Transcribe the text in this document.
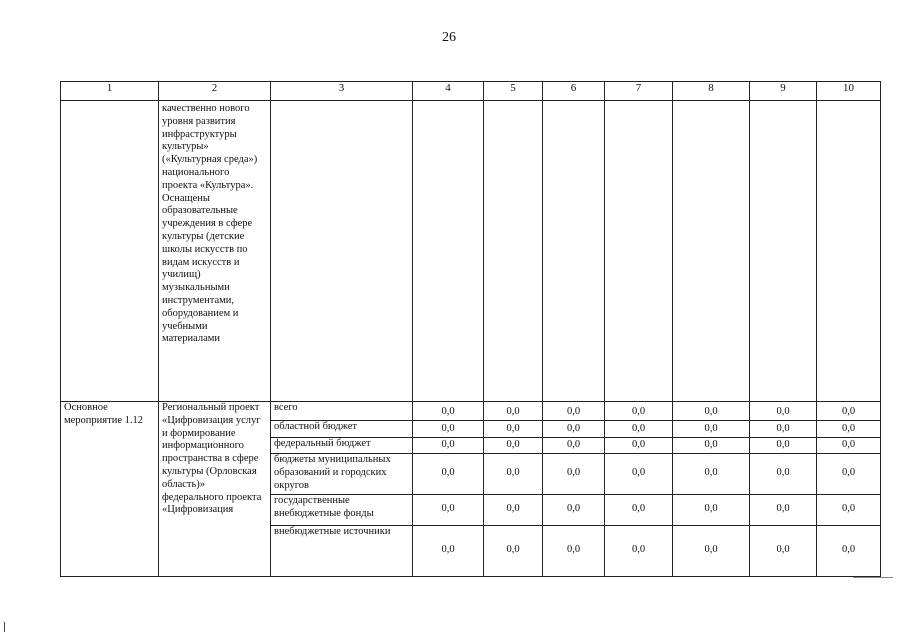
26
1	2	3	4	5	6	7	8	9	10
	качественно нового уровня развития инфраструктуры культуры» («Культурная среда») национального проекта «Культура». Оснащены образовательные учреждения в сфере культуры (детские школы искусств по видам искусств и училищ) музыкальными инструментами, оборудованием и учебными материалами								
Основное мероприятие 1.12	Региональный проект «Цифровизация услуг и формирование информационного пространства в сфере культуры (Орловская область)» федерального проекта «Цифровизация	всего	0,0	0,0	0,0	0,0	0,0	0,0	0,0
		областной бюджет	0,0	0,0	0,0	0,0	0,0	0,0	0,0
		федеральный бюджет	0,0	0,0	0,0	0,0	0,0	0,0	0,0
		бюджеты муниципальных образований и городских округов	0,0	0,0	0,0	0,0	0,0	0,0	0,0
		государственные внебюджетные фонды	0,0	0,0	0,0	0,0	0,0	0,0	0,0
		внебюджетные источники	0,0	0,0	0,0	0,0	0,0	0,0	0,0
